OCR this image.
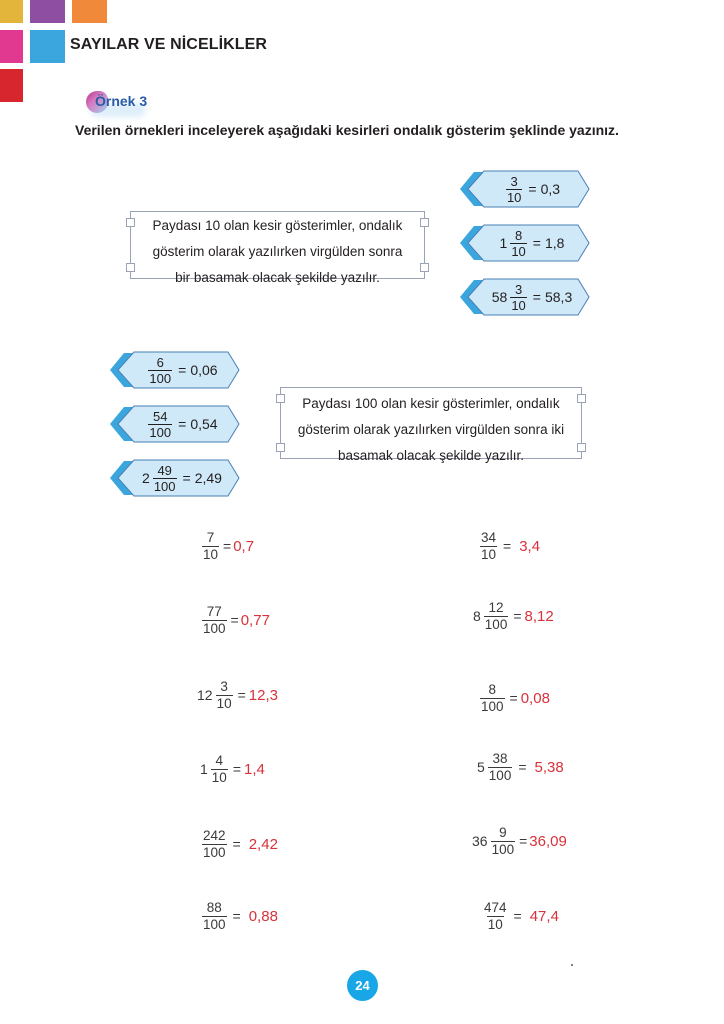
SAYILAR VE NİCELİKLER
Örnek 3
Verilen örnekleri inceleyerek aşağıdaki kesirleri ondalık gösterim şeklinde yazınız.
Paydası 10 olan kesir gösterimler, ondalık
gösterim olarak yazılırken virgülden sonra
bir basamak olacak şekilde yazılır.
$\frac{3}{10} = 0,3$
$1 \frac{8}{10} = 1,8$
$58 \frac{3}{10} = 58,3$
$\frac{6}{100} = 0,06$
$\frac{54}{100} = 0,54$
$2 \frac{49}{100} = 2,49$
Paydası 100 olan kesir gösterimler, ondalık
gösterim olarak yazılırken virgülden sonra iki
basamak olacak şekilde yazılır.
$\frac{7}{10} = 0,7$
$\frac{77}{100} = 0,77$
$12 \frac{3}{10} = 12,3$
$1 \frac{4}{10} = 1,4$
$\frac{242}{100} = 2,42$
$\frac{88}{100} = 0,88$
$\frac{34}{10} = 3,4$
$8 \frac{12}{100} = 8,12$
$\frac{8}{100} = 0,08$
$5 \frac{38}{100} = 5,38$
$36 \frac{9}{100} = 36,09$
$\frac{474}{10} = 47,4$
24
